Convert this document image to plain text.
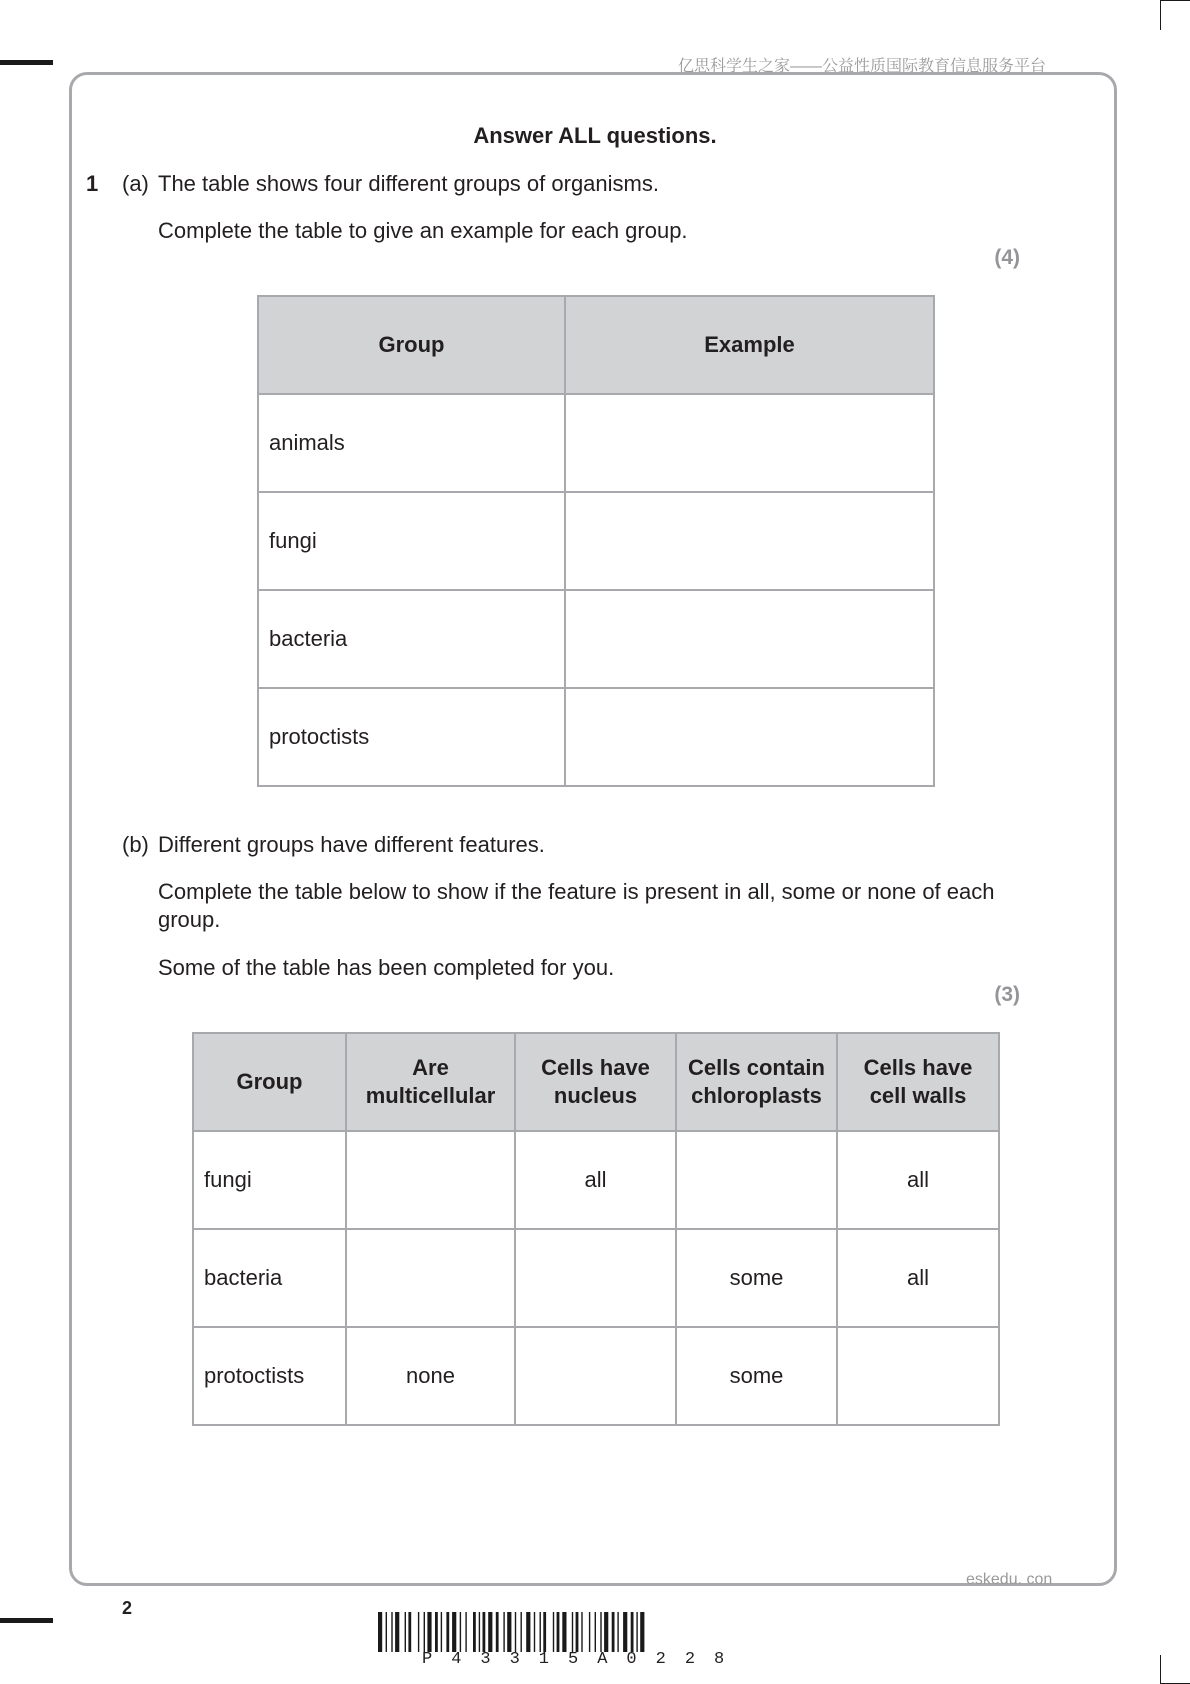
亿思科学生之家——公益性质国际教育信息服务平台
Answer ALL questions.
1 (a) The table shows four different groups of organisms.
Complete the table to give an example for each group.
(4)
Group	Example
animals	
fungi	
bacteria	
protoctists	
(b) Different groups have different features.
Complete the table below to show if the feature is present in all, some or none of each group.
Some of the table has been completed for you.
(3)
Group	Are multicellular	Cells have nucleus	Cells contain chloroplasts	Cells have cell walls
fungi		all		all
bacteria			some	all
protoctists	none		some	
eskedu. con
2
P43315A0228
